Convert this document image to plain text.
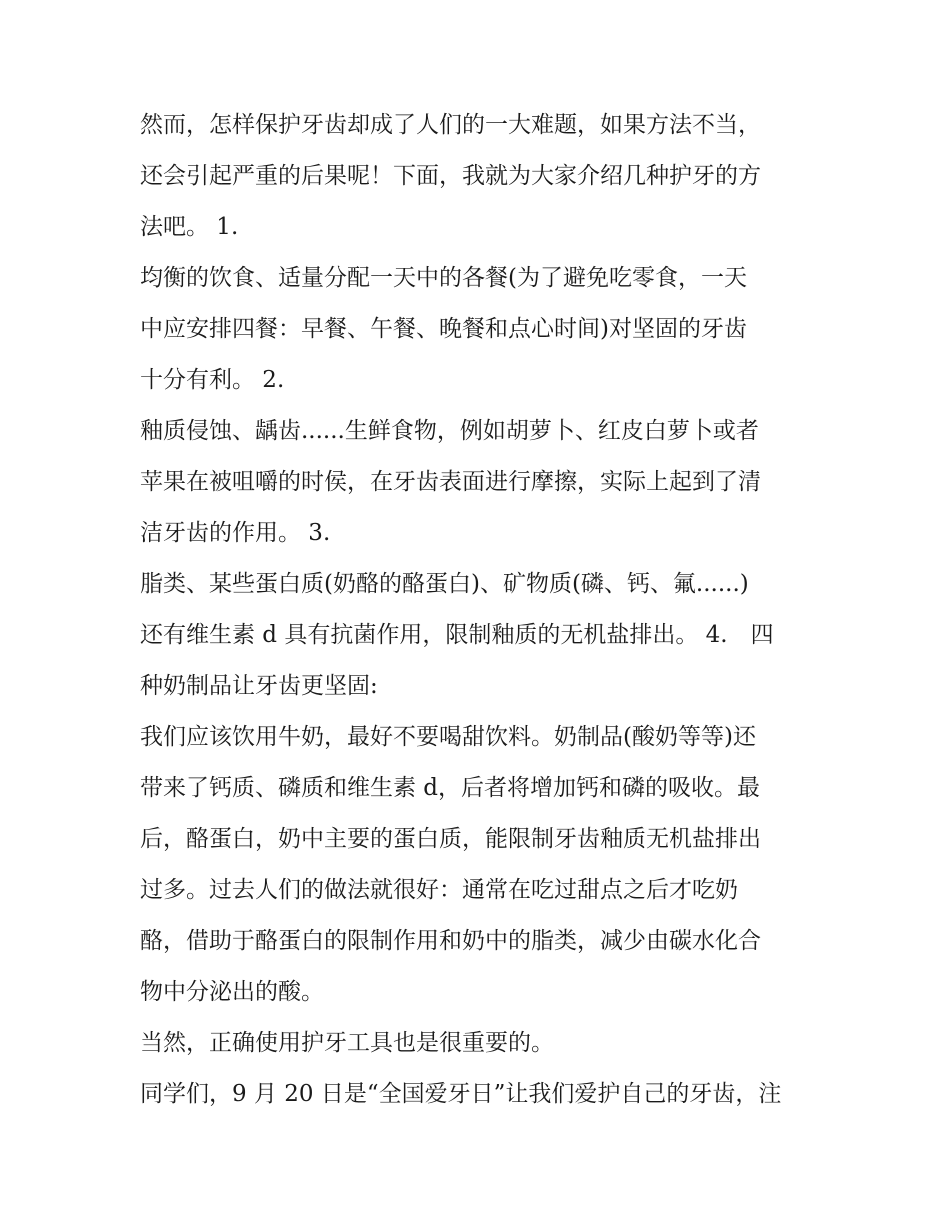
然而，怎样保护牙齿却成了人们的一大难题，如果方法不当，
还会引起严重的后果呢！下面，我就为大家介绍几种护牙的方
法吧。 1.
均衡的饮食、适量分配一天中的各餐(为了避免吃零食，一天
中应安排四餐：早餐、午餐、晚餐和点心时间)对坚固的牙齿
十分有利。 2.
釉质侵蚀、龋齿......生鲜食物，例如胡萝卜、红皮白萝卜或者
苹果在被咀嚼的时侯，在牙齿表面进行摩擦，实际上起到了清
洁牙齿的作用。 3.
脂类、某些蛋白质(奶酪的酪蛋白)、矿物质(磷、钙、氟......)
还有维生素 d 具有抗菌作用，限制釉质的无机盐排出。 4.　四
种奶制品让牙齿更坚固:
我们应该饮用牛奶，最好不要喝甜饮料。奶制品(酸奶等等)还
带来了钙质、磷质和维生素 d，后者将增加钙和磷的吸收。最
后，酪蛋白，奶中主要的蛋白质，能限制牙齿釉质无机盐排出
过多。过去人们的做法就很好：通常在吃过甜点之后才吃奶
酪，借助于酪蛋白的限制作用和奶中的脂类，减少由碳水化合
物中分泌出的酸。
当然，正确使用护牙工具也是很重要的。
同学们，9 月 20 日是“全国爱牙日”让我们爱护自己的牙齿，注
